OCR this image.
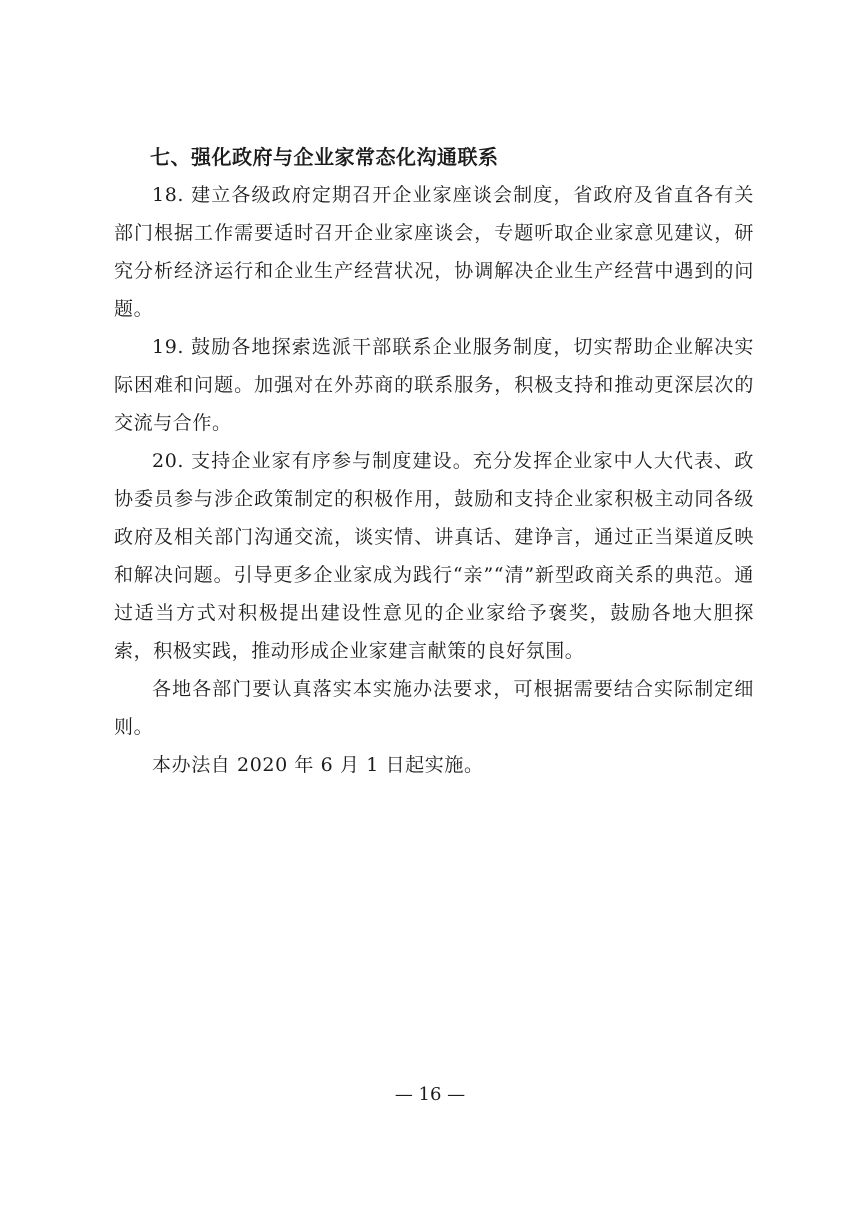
七、强化政府与企业家常态化沟通联系

18. 建立各级政府定期召开企业家座谈会制度，省政府及省直各有关部门根据工作需要适时召开企业家座谈会，专题听取企业家意见建议，研究分析经济运行和企业生产经营状况，协调解决企业生产经营中遇到的问题。

19. 鼓励各地探索选派干部联系企业服务制度，切实帮助企业解决实际困难和问题。加强对在外苏商的联系服务，积极支持和推动更深层次的交流与合作。

20. 支持企业家有序参与制度建设。充分发挥企业家中人大代表、政协委员参与涉企政策制定的积极作用，鼓励和支持企业家积极主动同各级政府及相关部门沟通交流，谈实情、讲真话、建诤言，通过正当渠道反映和解决问题。引导更多企业家成为践行“亲”“清”新型政商关系的典范。通过适当方式对积极提出建设性意见的企业家给予褒奖，鼓励各地大胆探索，积极实践，推动形成企业家建言献策的良好氛围。

各地各部门要认真落实本实施办法要求，可根据需要结合实际制定细则。

本办法自 2020 年 6 月 1 日起实施。

— 16 —
